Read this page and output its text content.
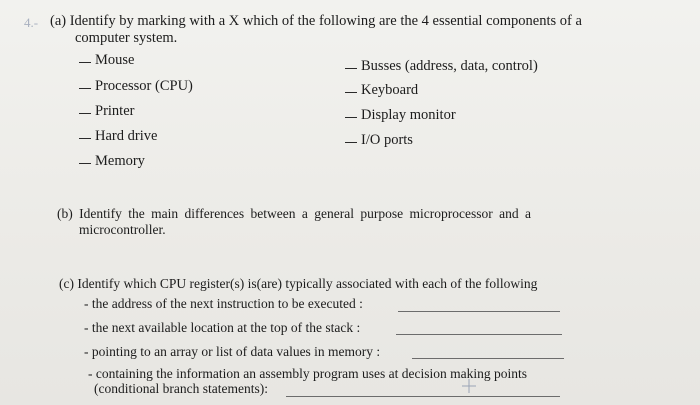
4.- (a) Identify by marking with a X which of the following are the 4 essential components of a
computer system.
Mouse
Processor (CPU)
Printer
Hard drive
Memory
Busses (address, data, control)
Keyboard
Display monitor
I/O ports
(b) Identify the main differences between a general purpose microprocessor and a
microcontroller.
(c) Identify which CPU register(s) is(are) typically associated with each of the following
- the address of the next instruction to be executed :
- the next available location at the top of the stack :
- pointing to an array or list of data values in memory :
- containing the information an assembly program uses at decision making points
(conditional branch statements):
